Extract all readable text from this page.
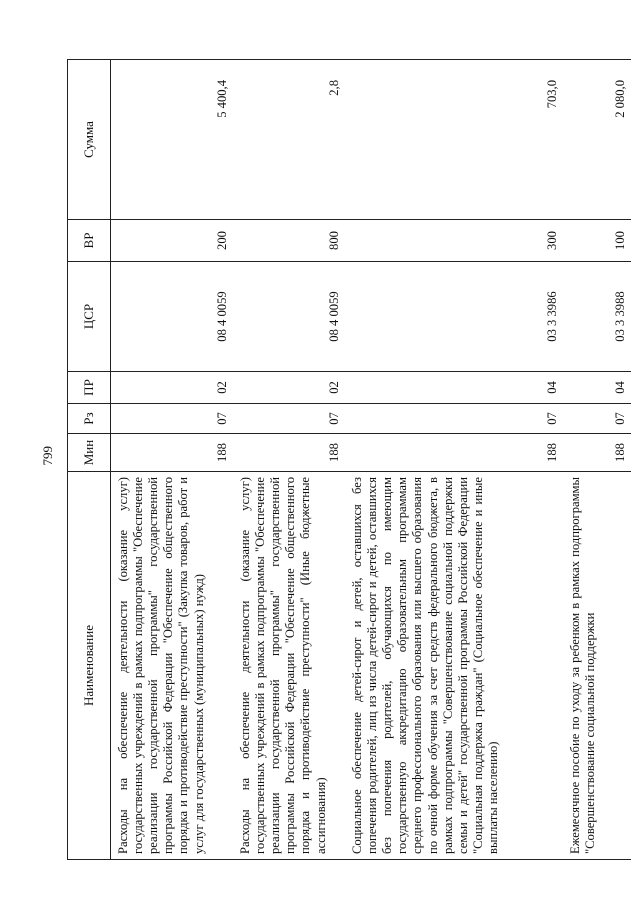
799
Наименование	Мин	Рз	ПР	ЦСР	ВР	Сумма
Расходы на обеспечение деятельности (оказание услуг) государственных учреждений в рамках подпрограммы "Обеспечение реализации государственной программы" государственной программы Российской Федерации "Обеспечение общественного порядка и противодействие преступности" (Закупка товаров, работ и услуг для государственных (муниципальных) нужд)	188	07	02	08 4 0059	200	5 400,4
Расходы на обеспечение деятельности (оказание услуг) государственных учреждений в рамках подпрограммы "Обеспечение реализации государственной программы" государственной программы Российской Федерации "Обеспечение общественного порядка и противодействие преступности" (Иные бюджетные ассигнования)	188	07	02	08 4 0059	800	2,8
Социальное обеспечение детей-сирот и детей, оставшихся без попечения родителей, лиц из числа детей-сирот и детей, оставшихся без попечения родителей, обучающихся по имеющим государственную аккредитацию образовательным программам среднего профессионального образования или высшего образования по очной форме обучения за счет средств федерального бюджета, в рамках подпрограммы "Совершенствование социальной поддержки семьи и детей" государственной программы Российской Федерации "Социальная поддержка граждан" (Социальное обеспечение и иные выплаты населению)	188	07	04	03 3 3986	300	703,0
Ежемесячное пособие по уходу за ребенком в рамках подпрограммы "Совершенствование социальной поддержки	188	07	04	03 3 3988	100	2 080,0
